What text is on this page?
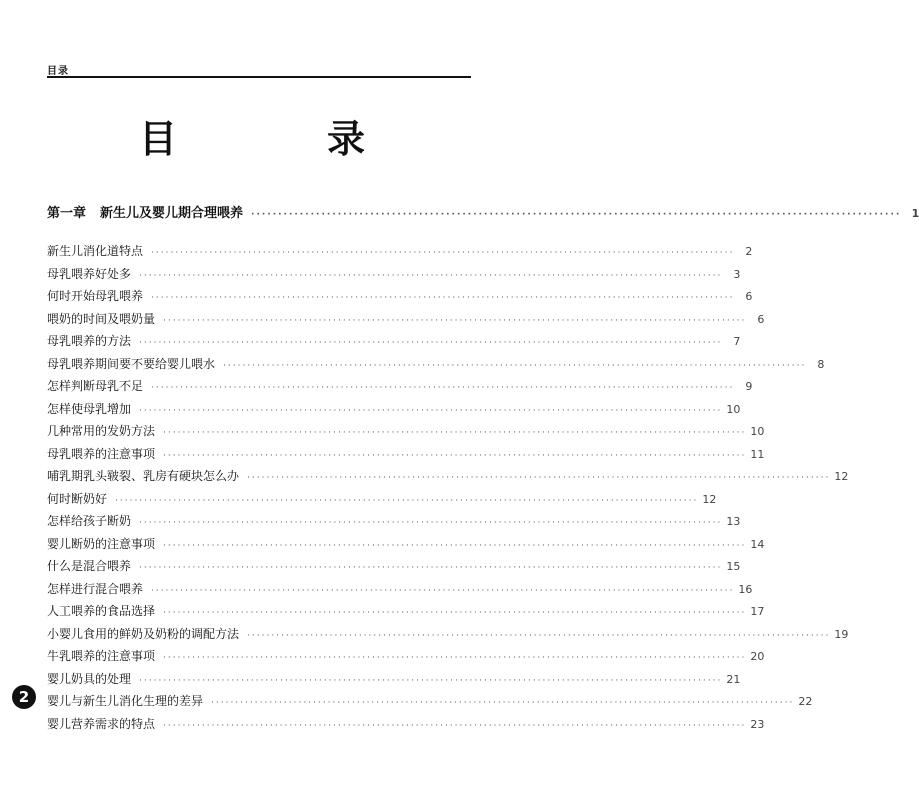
目录
目　录
第一章 新生儿及婴儿期合理喂养 ························································································································ 1
新生儿消化道特点 ························································································································	2
母乳喂养好处多 ························································································································	3
何时开始母乳喂养 ························································································································	6
喂奶的时间及喂奶量 ························································································································	6
母乳喂养的方法 ························································································································	7
母乳喂养期间要不要给婴儿喂水 ························································································································	8
怎样判断母乳不足 ························································································································	9
怎样使母乳增加 ························································································································ 10
几种常用的发奶方法 ························································································································ 10
母乳喂养的注意事项 ························································································································ 11
哺乳期乳头皲裂、乳房有硬块怎么办 ························································································································ 12
何时断奶好 ························································································································ 12
怎样给孩子断奶 ························································································································ 13
婴儿断奶的注意事项 ························································································································ 14
什么是混合喂养 ························································································································ 15
怎样进行混合喂养 ························································································································ 16
人工喂养的食品选择 ························································································································ 17
小婴儿食用的鲜奶及奶粉的调配方法 ························································································································ 19
牛乳喂养的注意事项 ························································································································ 20
婴儿奶具的处理 ························································································································ 21
婴儿与新生儿消化生理的差异 ························································································································ 22
婴儿营养需求的特点 ························································································································ 23
2
